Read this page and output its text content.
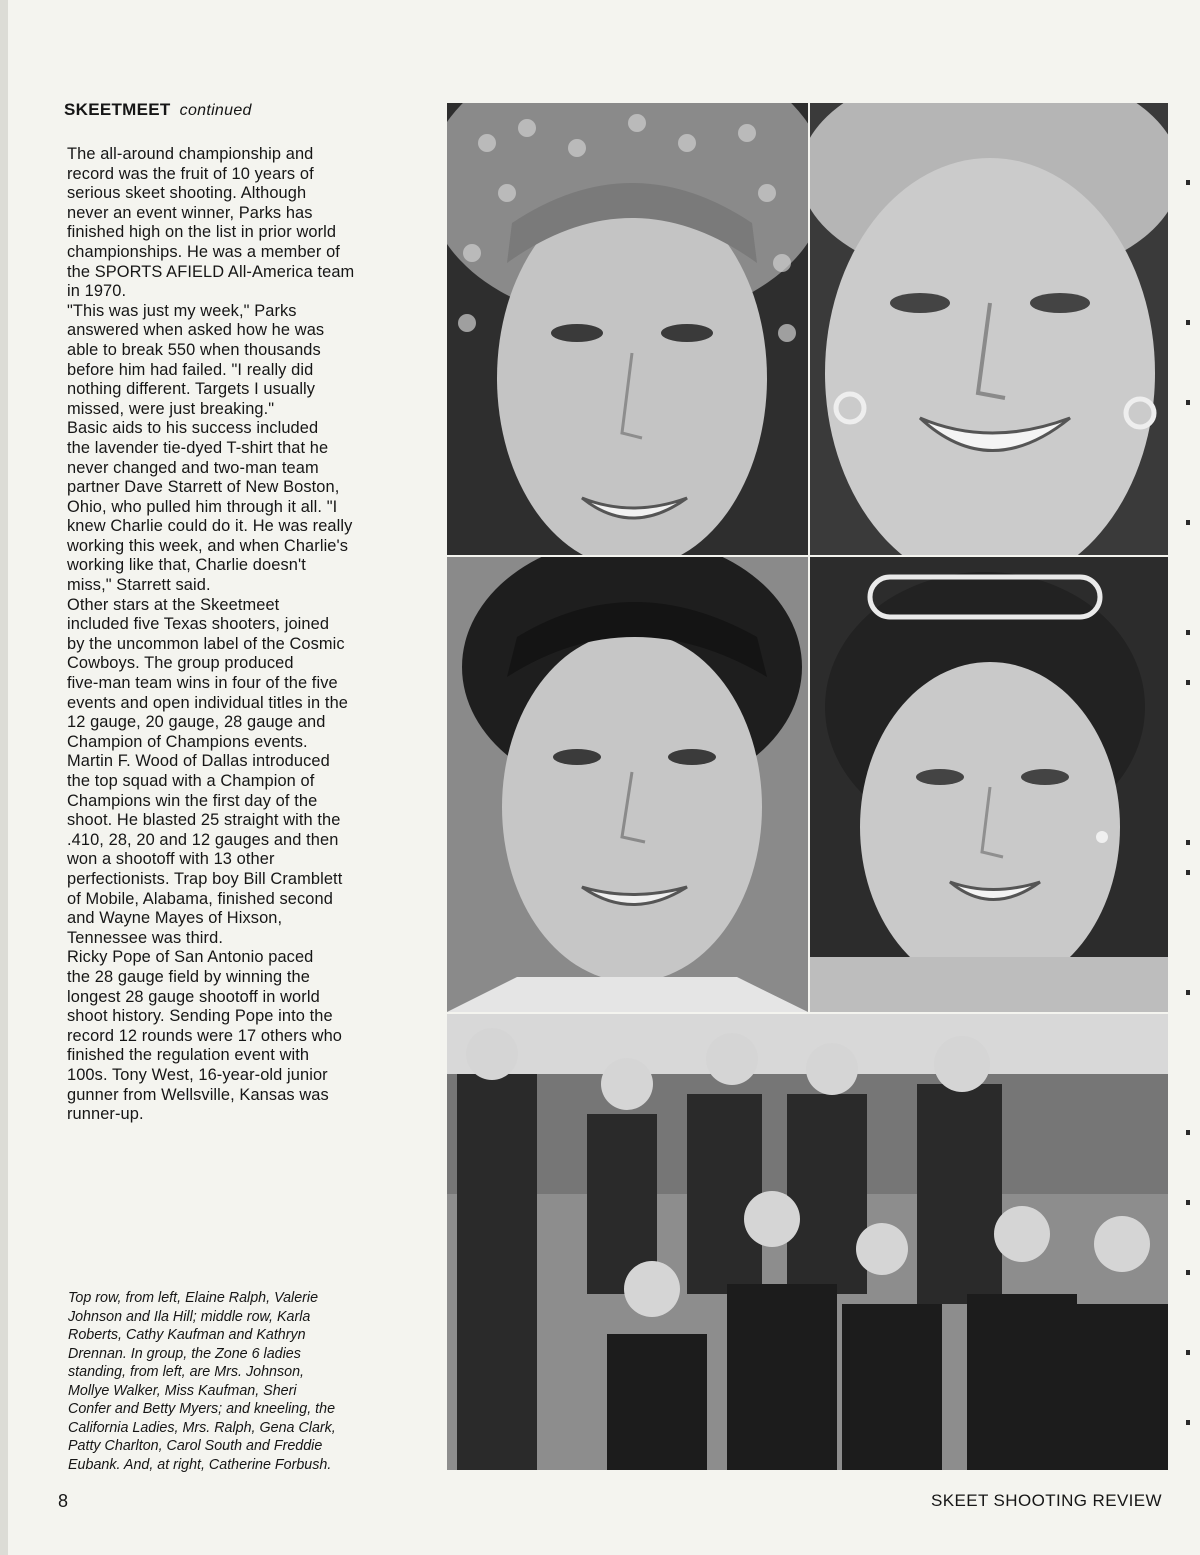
SKEETMEET continued
The all-around championship and
record was the fruit of 10 years of
serious skeet shooting. Although
never an event winner, Parks has
finished high on the list in prior world
championships. He was a member of
the SPORTS AFIELD All-America team
in 1970.
"This was just my week," Parks
answered when asked how he was
able to break 550 when thousands
before him had failed. "I really did
nothing different. Targets I usually
missed, were just breaking."
Basic aids to his success included
the lavender tie-dyed T-shirt that he
never changed and two-man team
partner Dave Starrett of New Boston,
Ohio, who pulled him through it all. "I
knew Charlie could do it. He was really
working this week, and when Charlie's
working like that, Charlie doesn't
miss," Starrett said.
Other stars at the Skeetmeet
included five Texas shooters, joined
by the uncommon label of the Cosmic
Cowboys. The group produced
five-man team wins in four of the five
events and open individual titles in the
12 gauge, 20 gauge, 28 gauge and
Champion of Champions events.
Martin F. Wood of Dallas introduced
the top squad with a Champion of
Champions win the first day of the
shoot. He blasted 25 straight with the
.410, 28, 20 and 12 gauges and then
won a shootoff with 13 other
perfectionists. Trap boy Bill Cramblett
of Mobile, Alabama, finished second
and Wayne Mayes of Hixson,
Tennessee was third.
Ricky Pope of San Antonio paced
the 28 gauge field by winning the
longest 28 gauge shootoff in world
shoot history. Sending Pope into the
record 12 rounds were 17 others who
finished the regulation event with
100s. Tony West, 16-year-old junior
gunner from Wellsville, Kansas was
runner-up.
Top row, from left, Elaine Ralph, Valerie
Johnson and Ila Hill; middle row, Karla
Roberts, Cathy Kaufman and Kathryn
Drennan. In group, the Zone 6 ladies
standing, from left, are Mrs. Johnson,
Mollye Walker, Miss Kaufman, Sheri
Confer and Betty Myers; and kneeling, the
California Ladies, Mrs. Ralph, Gena Clark,
Patty Charlton, Carol South and Freddie
Eubank. And, at right, Catherine Forbush.
8	SKEET SHOOTING REVIEW
